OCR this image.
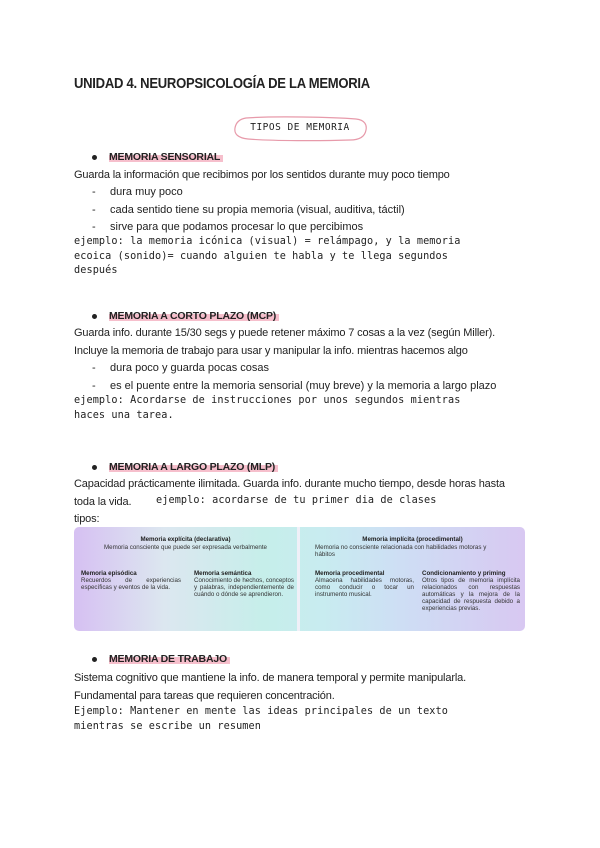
UNIDAD 4. NEUROPSICOLOGÍA DE LA MEMORIA
TIPOS DE MEMORIA
MEMORIA SENSORIAL
Guarda la información que recibimos por los sentidos durante muy poco tiempo
- dura muy poco
- cada sentido tiene su propia memoria (visual, auditiva, táctil)
- sirve para que podamos procesar lo que percibimos
ejemplo: la memoria icónica (visual) = relámpago, y la memoria
ecoica (sonido)= cuando alguien te habla y te llega segundos
después
MEMORIA A CORTO PLAZO (MCP)
Guarda info. durante 15/30 segs y puede retener máximo 7 cosas a la vez (según Miller).
Incluye la memoria de trabajo para usar y manipular la info. mientras hacemos algo
- dura poco y guarda pocas cosas
- es el puente entre la memoria sensorial (muy breve) y la memoria a largo plazo
ejemplo: Acordarse de instrucciones por unos segundos mientras
haces una tarea.
MEMORIA A LARGO PLAZO (MLP)
Capacidad prácticamente ilimitada. Guarda info. durante mucho tiempo, desde horas hasta
toda la vida. ejemplo: acordarse de tu primer dia de clases
tipos:
Memoria explícita (declarativa)
Memoria consciente que puede ser expresada verbalmente
Memoria episódica
Recuerdos de experiencias específicas y eventos de la vida.
Memoria semántica
Conocimiento de hechos, conceptos y palabras, independientemente de cuándo o dónde se aprendieron.
Memoria implícita (procedimental)
Memoria no consciente relacionada con habilidades motoras y hábitos
Memoria procedimental
Almacena habilidades motoras, como conducir o tocar un instrumento musical.
Condicionamiento y priming
Otros tipos de memoria implícita relacionados con respuestas automáticas y la mejora de la capacidad de respuesta debido a experiencias previas.
MEMORIA DE TRABAJO
Sistema cognitivo que mantiene la info. de manera temporal y permite manipularla.
Fundamental para tareas que requieren concentración.
Ejemplo: Mantener en mente las ideas principales de un texto
mientras se escribe un resumen
